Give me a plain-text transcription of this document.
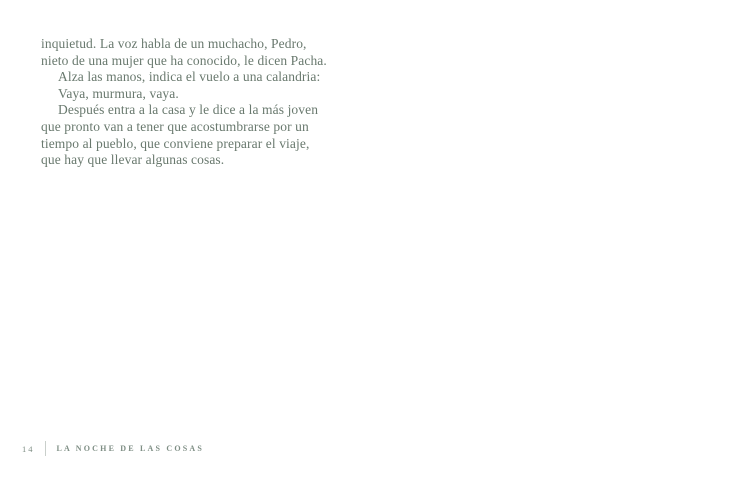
inquietud. La voz habla de un muchacho, Pedro,
nieto de una mujer que ha conocido, le dicen Pacha.
Alza las manos, indica el vuelo a una calandria:
Vaya, murmura, vaya.
Después entra a la casa y le dice a la más joven
que pronto van a tener que acostumbrarse por un
tiempo al pueblo, que conviene preparar el viaje,
que hay que llevar algunas cosas.
14	LA NOCHE DE LAS COSAS
